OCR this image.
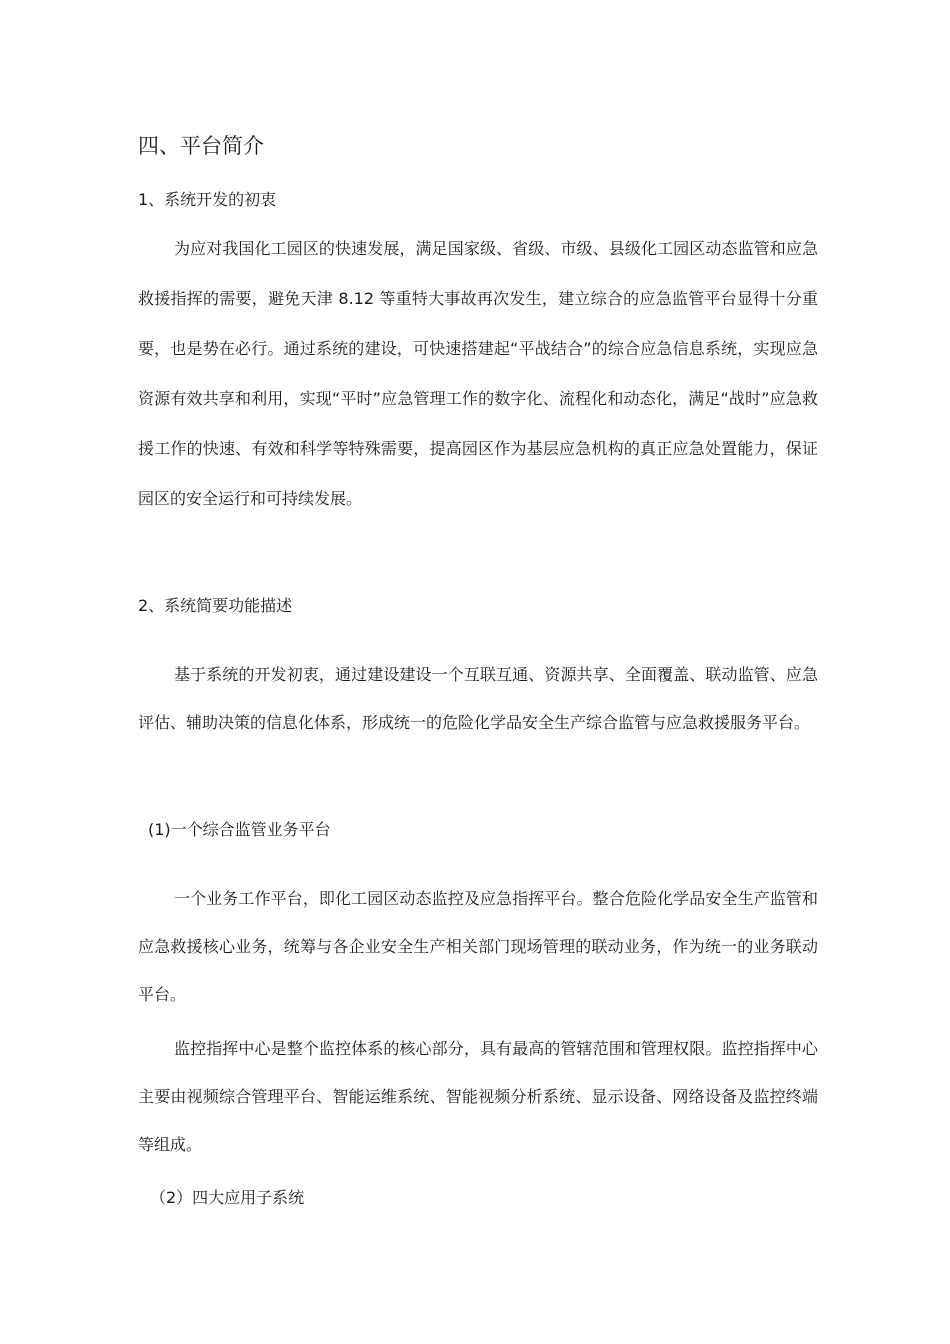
四、平台简介
1、系统开发的初衷

为应对我国化工园区的快速发展，满足国家级、省级、市级、县级化工园区动态监管和应急救援指挥的需要，避免天津 8.12 等重特大事故再次发生，建立综合的应急监管平台显得十分重要，也是势在必行。通过系统的建设，可快速搭建起“平战结合”的综合应急信息系统，实现应急资源有效共享和利用，实现“平时”应急管理工作的数字化、流程化和动态化，满足“战时”应急救援工作的快速、有效和科学等特殊需要，提高园区作为基层应急机构的真正应急处置能力，保证园区的安全运行和可持续发展。

2、系统简要功能描述

基于系统的开发初衷，通过建设建设一个互联互通、资源共享、全面覆盖、联动监管、应急评估、辅助决策的信息化体系，形成统一的危险化学品安全生产综合监管与应急救援服务平台。

(1)一个综合监管业务平台

一个业务工作平台，即化工园区动态监控及应急指挥平台。整合危险化学品安全生产监管和应急救援核心业务，统筹与各企业安全生产相关部门现场管理的联动业务，作为统一的业务联动平台。

监控指挥中心是整个监控体系的核心部分，具有最高的管辖范围和管理权限。监控指挥中心主要由视频综合管理平台、智能运维系统、智能视频分析系统、显示设备、网络设备及监控终端等组成。

（2）四大应用子系统
